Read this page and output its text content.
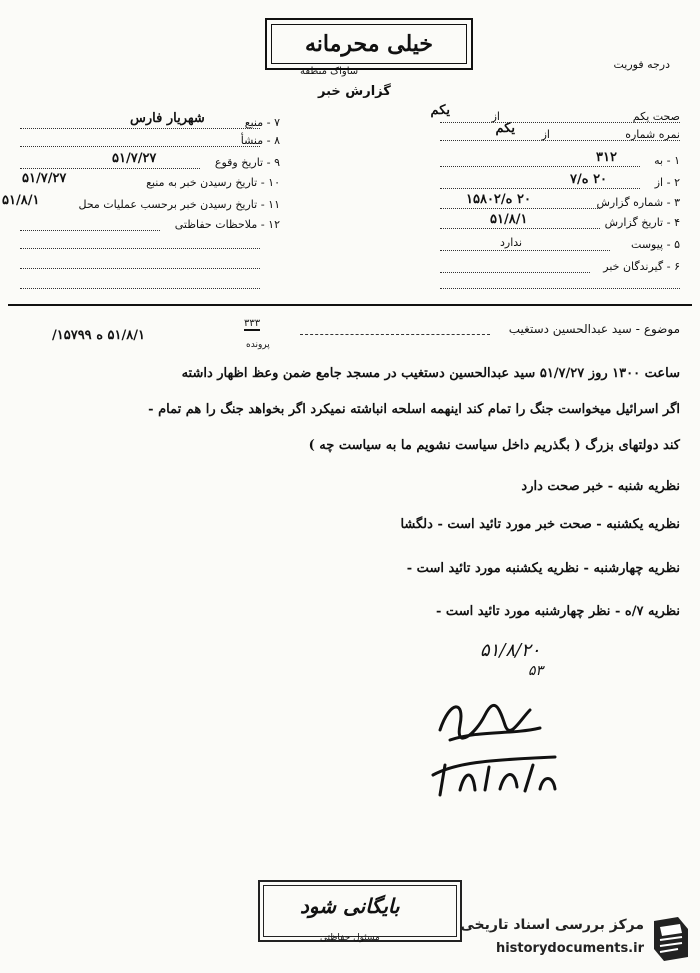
خیلی محرمانه
ساواک منطقه
گزارش خبر
درجه فوریت
صحت یکم
یکم	از
نمره شماره
یکم از
۱ - به
۳۱۲
۲ - از
۲۰ ه/۷
۳ - شماره گزارش
۲۰ ه/۱۵۸۰۲
۴ - تاریخ گزارش
۵۱/۸/۱
۵ - پیوست
ندارد
۶ - گیرندگان خبر
۷ - منبع
شهریار فارس
۸ - منشأ
۹ - تاریخ وقوع
۵۱/۷/۲۷
۱۰ - تاریخ رسیدن خبر به منبع
۵۱/۷/۲۷
۱۱ - تاریخ رسیدن خبر برحسب عملیات محل
۵۱/۸/۱
۱۲ - ملاحظات حفاظتی
موضوع - سید عبدالحسین دستغیب
۵۱/۸/۱ ه ۱۵۷۹۹/
۳۳۳
پرونده
ساعت ۱۳۰۰ روز ۵۱/۷/۲۷ سید عبدالحسین دستغیب در مسجد جامع ضمن وعظ اظهار داشته
اگر اسرائیل میخواست جنگ را تمام کند اینهمه اسلحه انباشته نمیکرد اگر بخواهد جنگ را هم تمام -
کند دولتهای بزرگ ( بگذریم داخل سیاست نشویم ما به سیاست چه )
نظریه شنبه - خبر صحت دارد
نظریه یکشنبه - صحت خبر مورد تائید است - دلگشا
نظریه چهارشنبه - نظریه یکشنبه مورد تائید است -
نظریه ۷/ه - نظر چهارشنبه مورد تائید است -
۵۱/۸/۲۰
۵۳
بایگانی شود
مسئول حفاظتی
مرکز بررسی اسناد تاریخی
historydocuments.ir
